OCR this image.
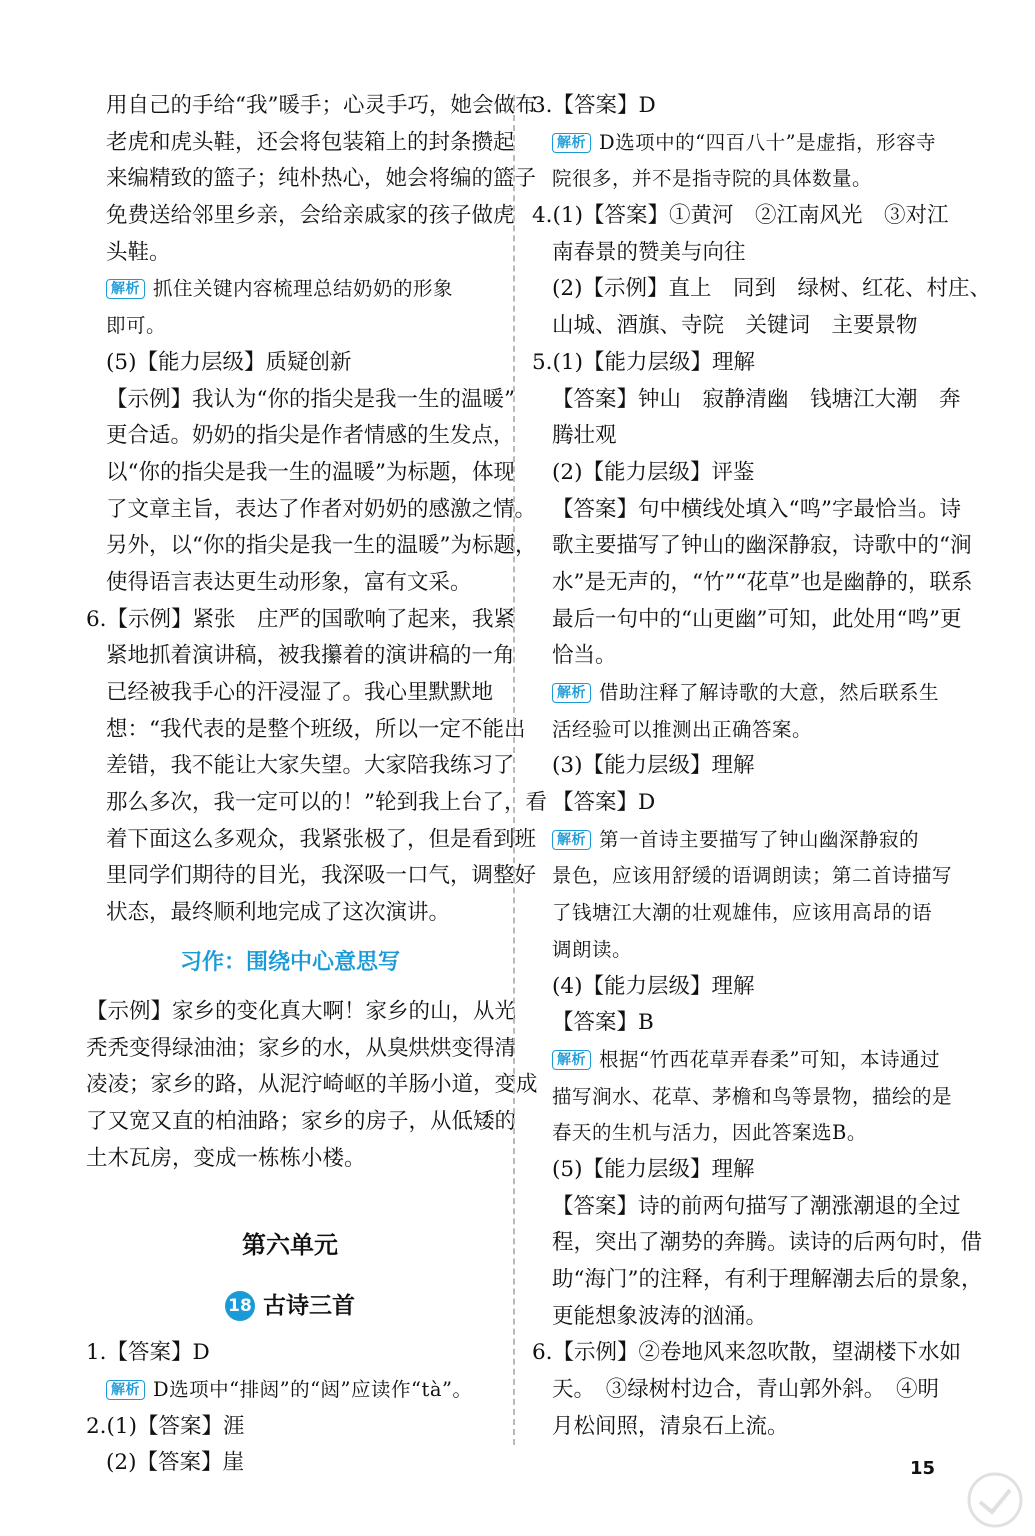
用自己的手给“我”暖手；心灵手巧，她会做布
老虎和虎头鞋，还会将包装箱上的封条攒起
来编精致的篮子；纯朴热心，她会将编的篮子
免费送给邻里乡亲，会给亲戚家的孩子做虎
头鞋。
解析 抓住关键内容梳理总结奶奶的形象
即可。
(5)【能力层级】质疑创新
【示例】我认为“你的指尖是我一生的温暖”
更合适。奶奶的指尖是作者情感的生发点，
以“你的指尖是我一生的温暖”为标题，体现
了文章主旨，表达了作者对奶奶的感激之情。
另外，以“你的指尖是我一生的温暖”为标题，
使得语言表达更生动形象，富有文采。
6.【示例】紧张　庄严的国歌响了起来，我紧
紧地抓着演讲稿，被我攥着的演讲稿的一角
已经被我手心的汗浸湿了。我心里默默地
想：“我代表的是整个班级，所以一定不能出
差错，我不能让大家失望。大家陪我练习了
那么多次，我一定可以的！”轮到我上台了，看
着下面这么多观众，我紧张极了，但是看到班
里同学们期待的目光，我深吸一口气，调整好
状态，最终顺利地完成了这次演讲。
习作：围绕中心意思写
【示例】家乡的变化真大啊！家乡的山，从光
秃秃变得绿油油；家乡的水，从臭烘烘变得清
凌凌；家乡的路，从泥泞崎岖的羊肠小道，变成
了又宽又直的柏油路；家乡的房子，从低矮的
土木瓦房，变成一栋栋小楼。
第六单元
18 古诗三首
1.【答案】D
解析 D选项中“排闼”的“闼”应读作“tà”。
2.(1)【答案】涯
(2)【答案】崖
3.【答案】D
解析 D选项中的“四百八十”是虚指，形容寺
院很多，并不是指寺院的具体数量。
4.(1)【答案】①黄河　②江南风光　③对江
南春景的赞美与向往
(2)【示例】直上　同到　绿树、红花、村庄、
山城、酒旗、寺院　关键词　主要景物
5.(1)【能力层级】理解
【答案】钟山　寂静清幽　钱塘江大潮　奔
腾壮观
(2)【能力层级】评鉴
【答案】句中横线处填入“鸣”字最恰当。诗
歌主要描写了钟山的幽深静寂，诗歌中的“涧
水”是无声的，“竹”“花草”也是幽静的，联系
最后一句中的“山更幽”可知，此处用“鸣”更
恰当。
解析 借助注释了解诗歌的大意，然后联系生
活经验可以推测出正确答案。
(3)【能力层级】理解
【答案】D
解析 第一首诗主要描写了钟山幽深静寂的
景色，应该用舒缓的语调朗读；第二首诗描写
了钱塘江大潮的壮观雄伟，应该用高昂的语
调朗读。
(4)【能力层级】理解
【答案】B
解析 根据“竹西花草弄春柔”可知，本诗通过
描写涧水、花草、茅檐和鸟等景物，描绘的是
春天的生机与活力，因此答案选B。
(5)【能力层级】理解
【答案】诗的前两句描写了潮涨潮退的全过
程，突出了潮势的奔腾。读诗的后两句时，借
助“海门”的注释，有利于理解潮去后的景象，
更能想象波涛的汹涌。
6.【示例】②卷地风来忽吹散，望湖楼下水如
天。　③绿树村边合，青山郭外斜。　④明
月松间照，清泉石上流。
15
